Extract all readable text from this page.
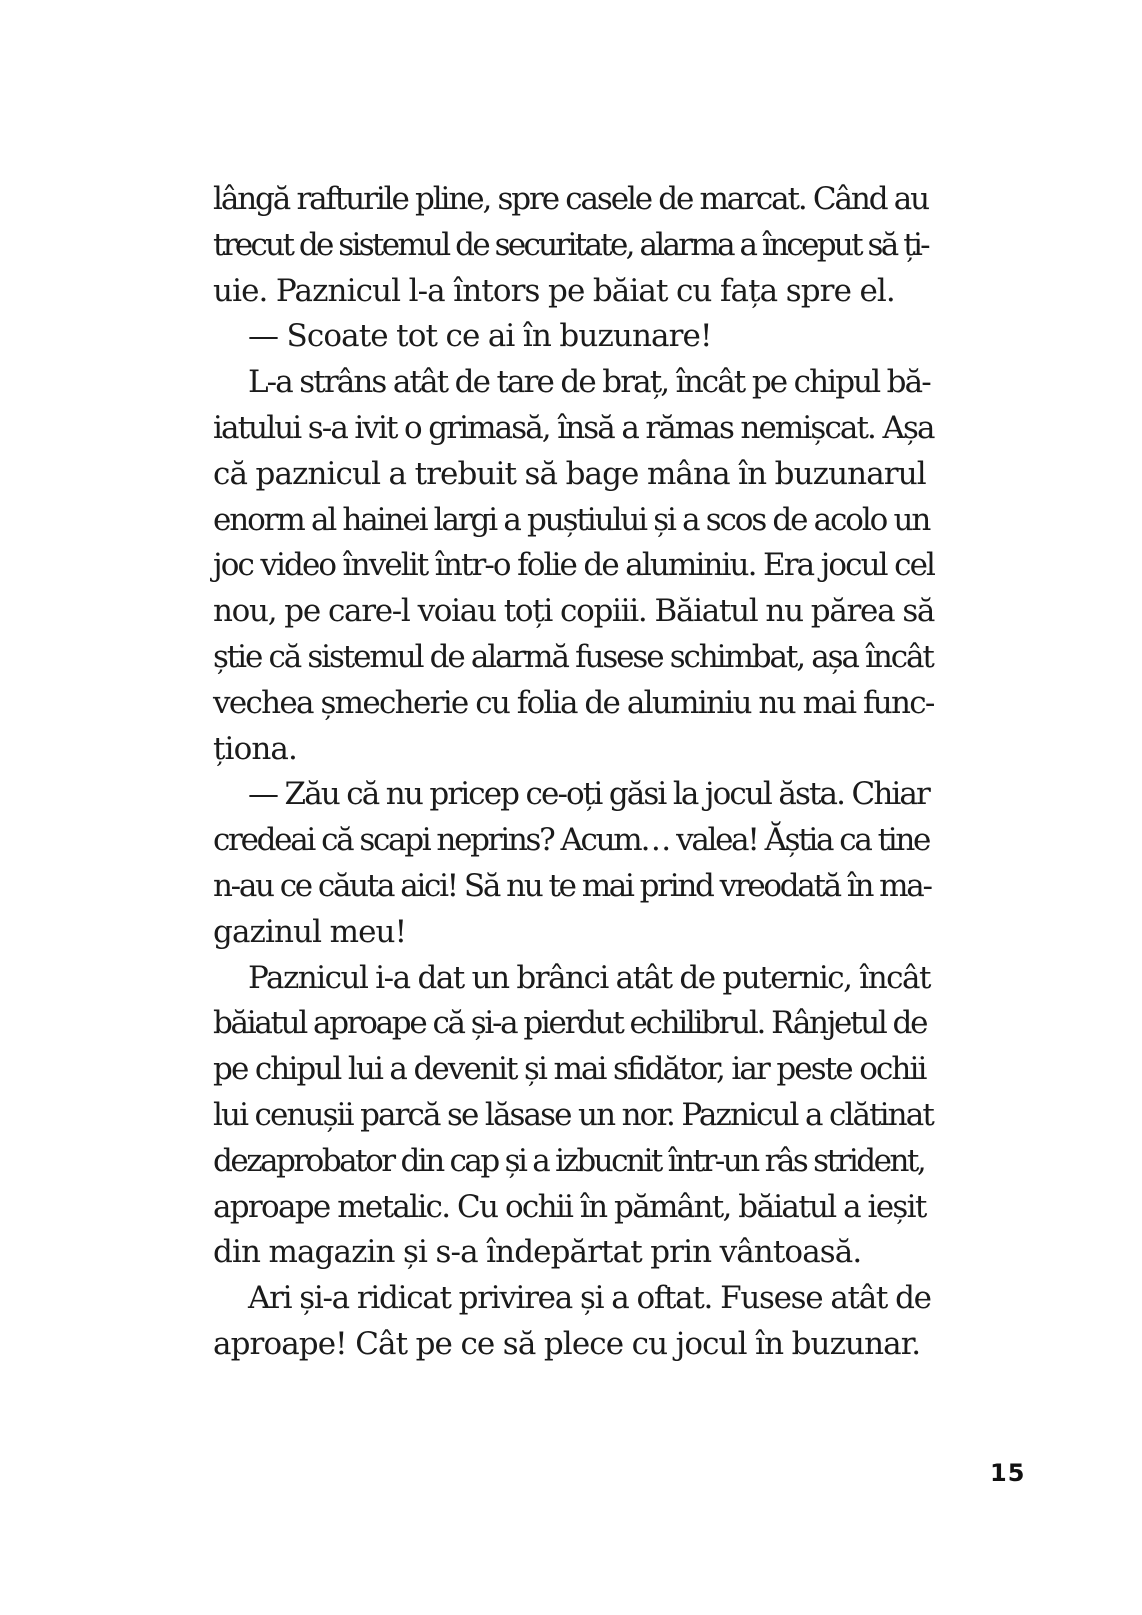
lângă rafturile pline, spre casele de marcat. Când au
trecut de sistemul de securitate, alarma a început să ți-
uie. Paznicul l-a întors pe băiat cu fața spre el.
— Scoate tot ce ai în buzunare!
L-a strâns atât de tare de braț, încât pe chipul bă-
iatului s-a ivit o grimasă, însă a rămas nemișcat. Așa
că paznicul a trebuit să bage mâna în buzunarul
enorm al hainei largi a puștiului și a scos de acolo un
joc video învelit într-o folie de aluminiu. Era jocul cel
nou, pe care-l voiau toți copiii. Băiatul nu părea să
știe că sistemul de alarmă fusese schimbat, așa încât
vechea șmecherie cu folia de aluminiu nu mai func-
ționa.
— Zău că nu pricep ce-oți găsi la jocul ăsta. Chiar
credeai că scapi neprins? Acum… valea! Ăștia ca tine
n-au ce căuta aici! Să nu te mai prind vreodată în ma-
gazinul meu!
Paznicul i-a dat un brânci atât de puternic, încât
băiatul aproape că și-a pierdut echilibrul. Rânjetul de
pe chipul lui a devenit și mai sfidător, iar peste ochii
lui cenușii parcă se lăsase un nor. Paznicul a clătinat
dezaprobator din cap și a izbucnit într-un râs strident,
aproape metalic. Cu ochii în pământ, băiatul a ieșit
din magazin și s-a îndepărtat prin vântoasă.
Ari și-a ridicat privirea și a oftat. Fusese atât de
aproape! Cât pe ce să plece cu jocul în buzunar.
15
